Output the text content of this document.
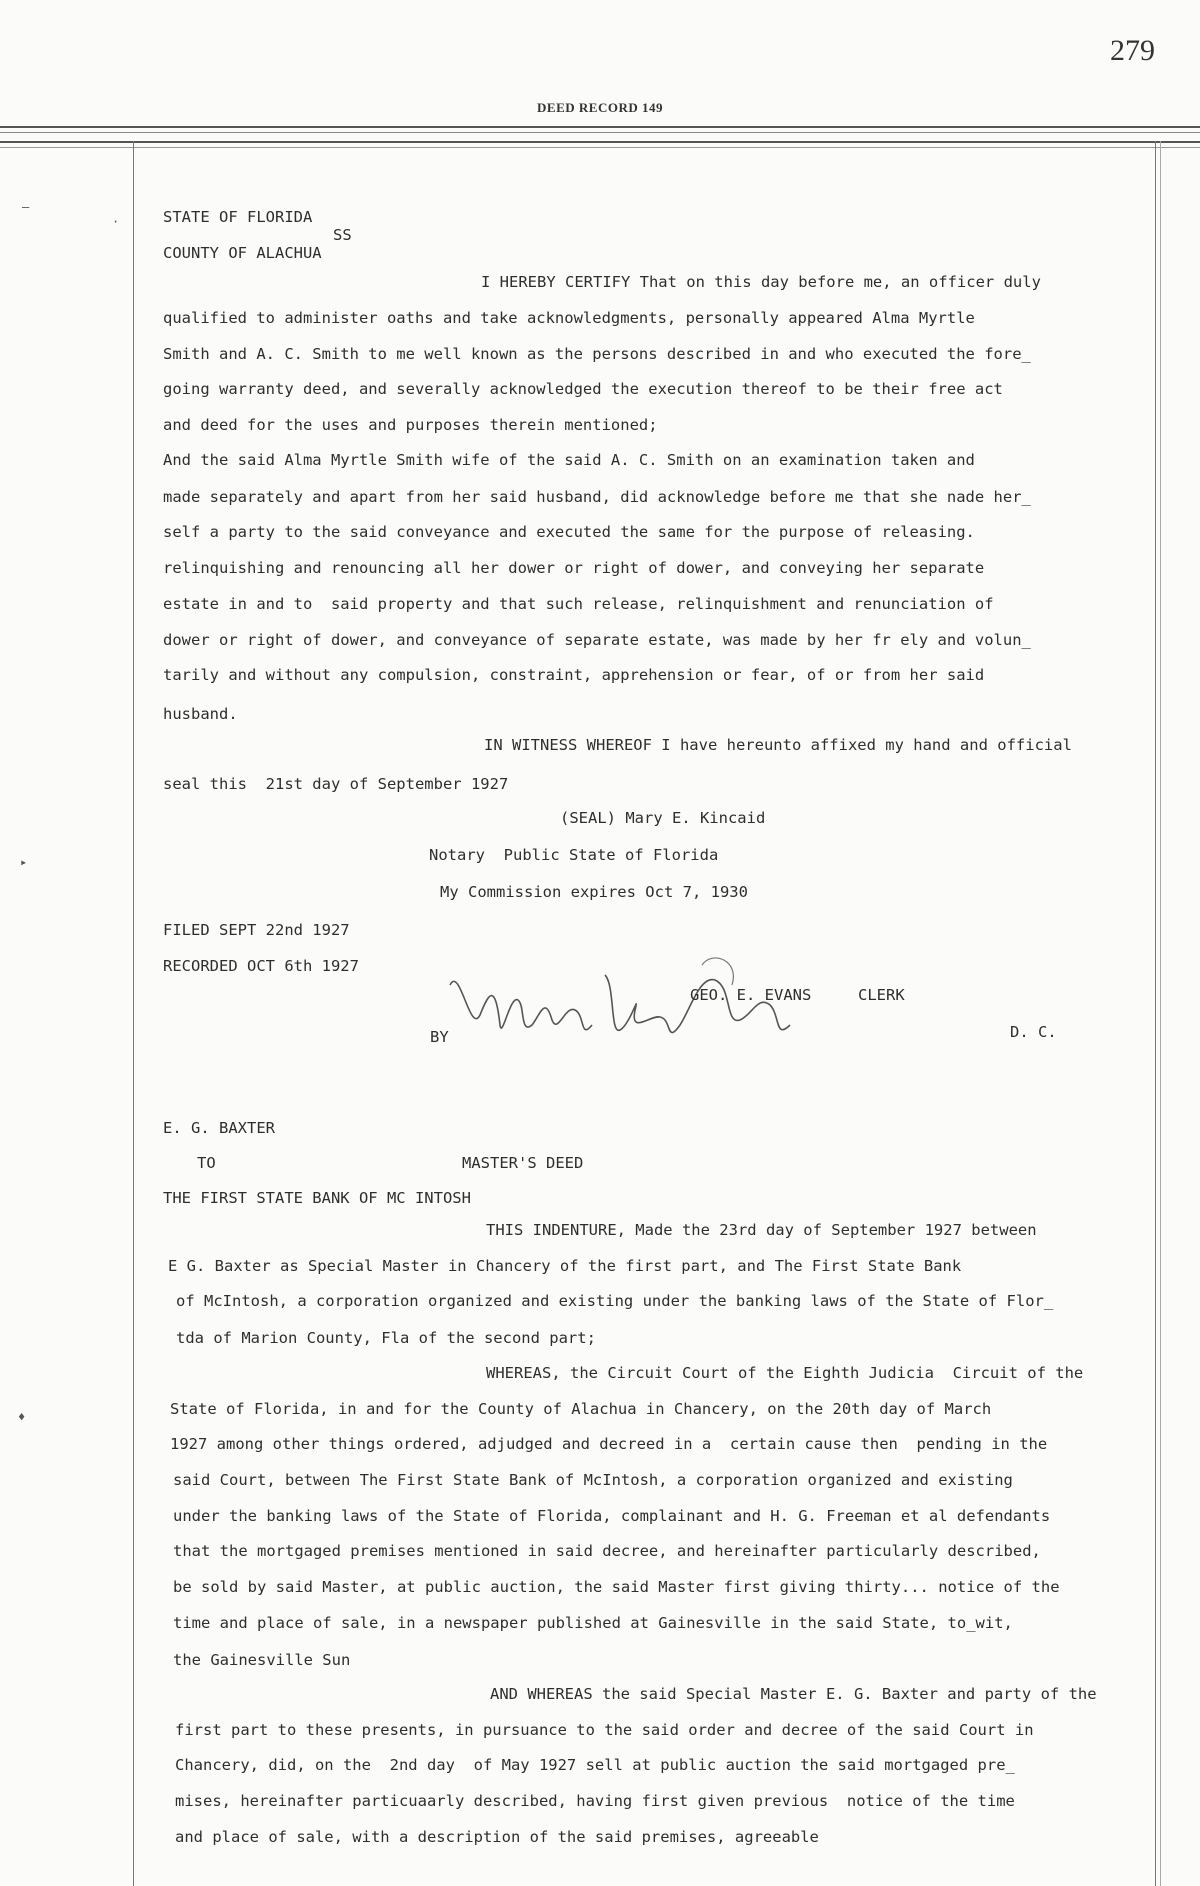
279
DEED RECORD 149
—
·
▸
♦
STATE OF FLORIDA
SS
COUNTY OF ALACHUA
I HEREBY CERTIFY That on this day before me, an officer duly
qualified to administer oaths and take acknowledgments, personally appeared Alma Myrtle
Smith and A. C. Smith to me well known as the persons described in and who executed the fore_
going warranty deed, and severally acknowledged the execution thereof to be their free act
and deed for the uses and purposes therein mentioned;
And the said Alma Myrtle Smith wife of the said A. C. Smith on an examination taken and
made separately and apart from her said husband, did acknowledge before me that she nade her_
self a party to the said conveyance and executed the same for the purpose of releasing.
relinquishing and renouncing all her dower or right of dower, and conveying her separate
estate in and to  said property and that such release, relinquishment and renunciation of
dower or right of dower, and conveyance of separate estate, was made by her fr ely and volun_
tarily and without any compulsion, constraint, apprehension or fear, of or from her said
husband.
IN WITNESS WHEREOF I have hereunto affixed my hand and official
seal this  21st day of September 1927
(SEAL) Mary E. Kincaid
Notary  Public State of Florida
My Commission expires Oct 7, 1930
FILED SEPT 22nd 1927
RECORDED OCT 6th 1927
GEO. E. EVANS	CLERK
BY	D. C.
E. G. BAXTER
TO	MASTER'S DEED
THE FIRST STATE BANK OF MC INTOSH
THIS INDENTURE, Made the 23rd day of September 1927 between
E G. Baxter as Special Master in Chancery of the first part, and The First State Bank
of McIntosh, a corporation organized and existing under the banking laws of the State of Flor_
tda of Marion County, Fla of the second part;
WHEREAS, the Circuit Court of the Eighth Judicia  Circuit of the
State of Florida, in and for the County of Alachua in Chancery, on the 20th day of March
1927 among other things ordered, adjudged and decreed in a  certain cause then  pending in the
said Court, between The First State Bank of McIntosh, a corporation organized and existing
under the banking laws of the State of Florida, complainant and H. G. Freeman et al defendants
that the mortgaged premises mentioned in said decree, and hereinafter particularly described,
be sold by said Master, at public auction, the said Master first giving thirty... notice of the
time and place of sale, in a newspaper published at Gainesville in the said State, to_wit,
the Gainesville Sun
AND WHEREAS the said Special Master E. G. Baxter and party of the
first part to these presents, in pursuance to the said order and decree of the said Court in
Chancery, did, on the  2nd day  of May 1927 sell at public auction the said mortgaged pre_
mises, hereinafter particuaarly described, having first given previous  notice of the time
and place of sale, with a description of the said premises, agreeable
